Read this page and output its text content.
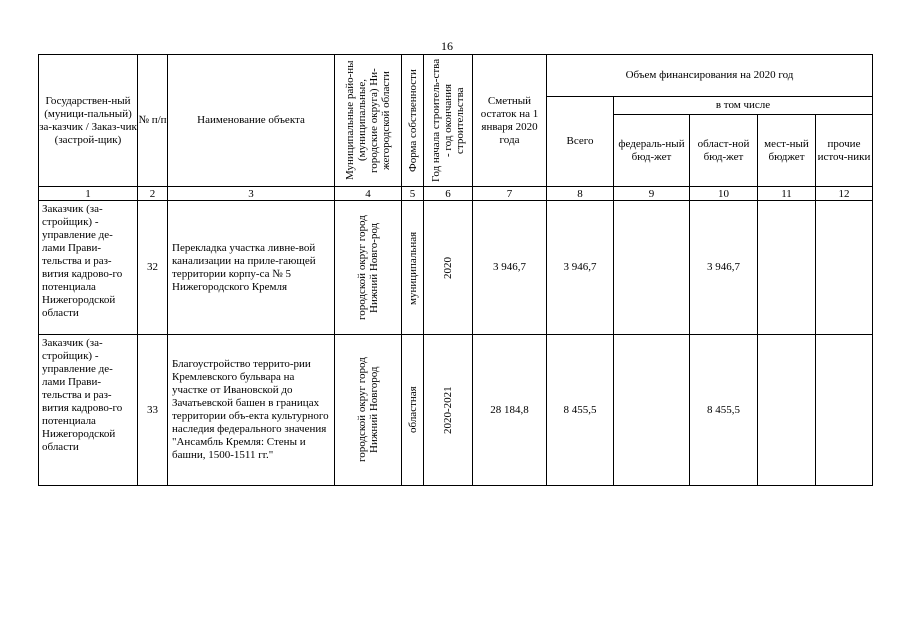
16
Государствен-ный (муници-пальный) за-казчик / Заказ-чик (застрой-щик)	№ п/п	Наименование объекта	Муниципальные райо-ны (муниципальные, городские округа) Ни-жегородской области	Форма собственности	Год начала строитель-ства - год окончания строительства	Сметный остаток на 1 января 2020 года	Объем финансирования на 2020 год				
							Всего	в том числе			
								федераль-ный бюд-жет	област-ной бюд-жет	мест-ный бюджет	прочие источ-ники
1	2	3	4	5	6	7	8	9	10	11	12
Заказчик (за-стройщик) - управление де-лами Прави-тельства и раз-вития кадрово-го потенциала Нижегородской области	32	Перекладка участка ливне-вой канализации на приле-гающей территории корпу-са № 5 Нижегородского Кремля	городской округ город Нижний Новго-род	муниципальная	2020	3 946,7	3 946,7		3 946,7		
Заказчик (за-стройщик) - управление де-лами Прави-тельства и раз-вития кадрово-го потенциала Нижегородской области	33	Благоустройство террито-рии Кремлевского бульвара на участке от Ивановской до Зачатьевской башен в границах территории объ-екта культурного наследия федерального значения "Ансамбль Кремля: Стены и башни, 1500-1511 гг."	городской округ город Нижний Новгород	областная	2020-2021	28 184,8	8 455,5		8 455,5		
